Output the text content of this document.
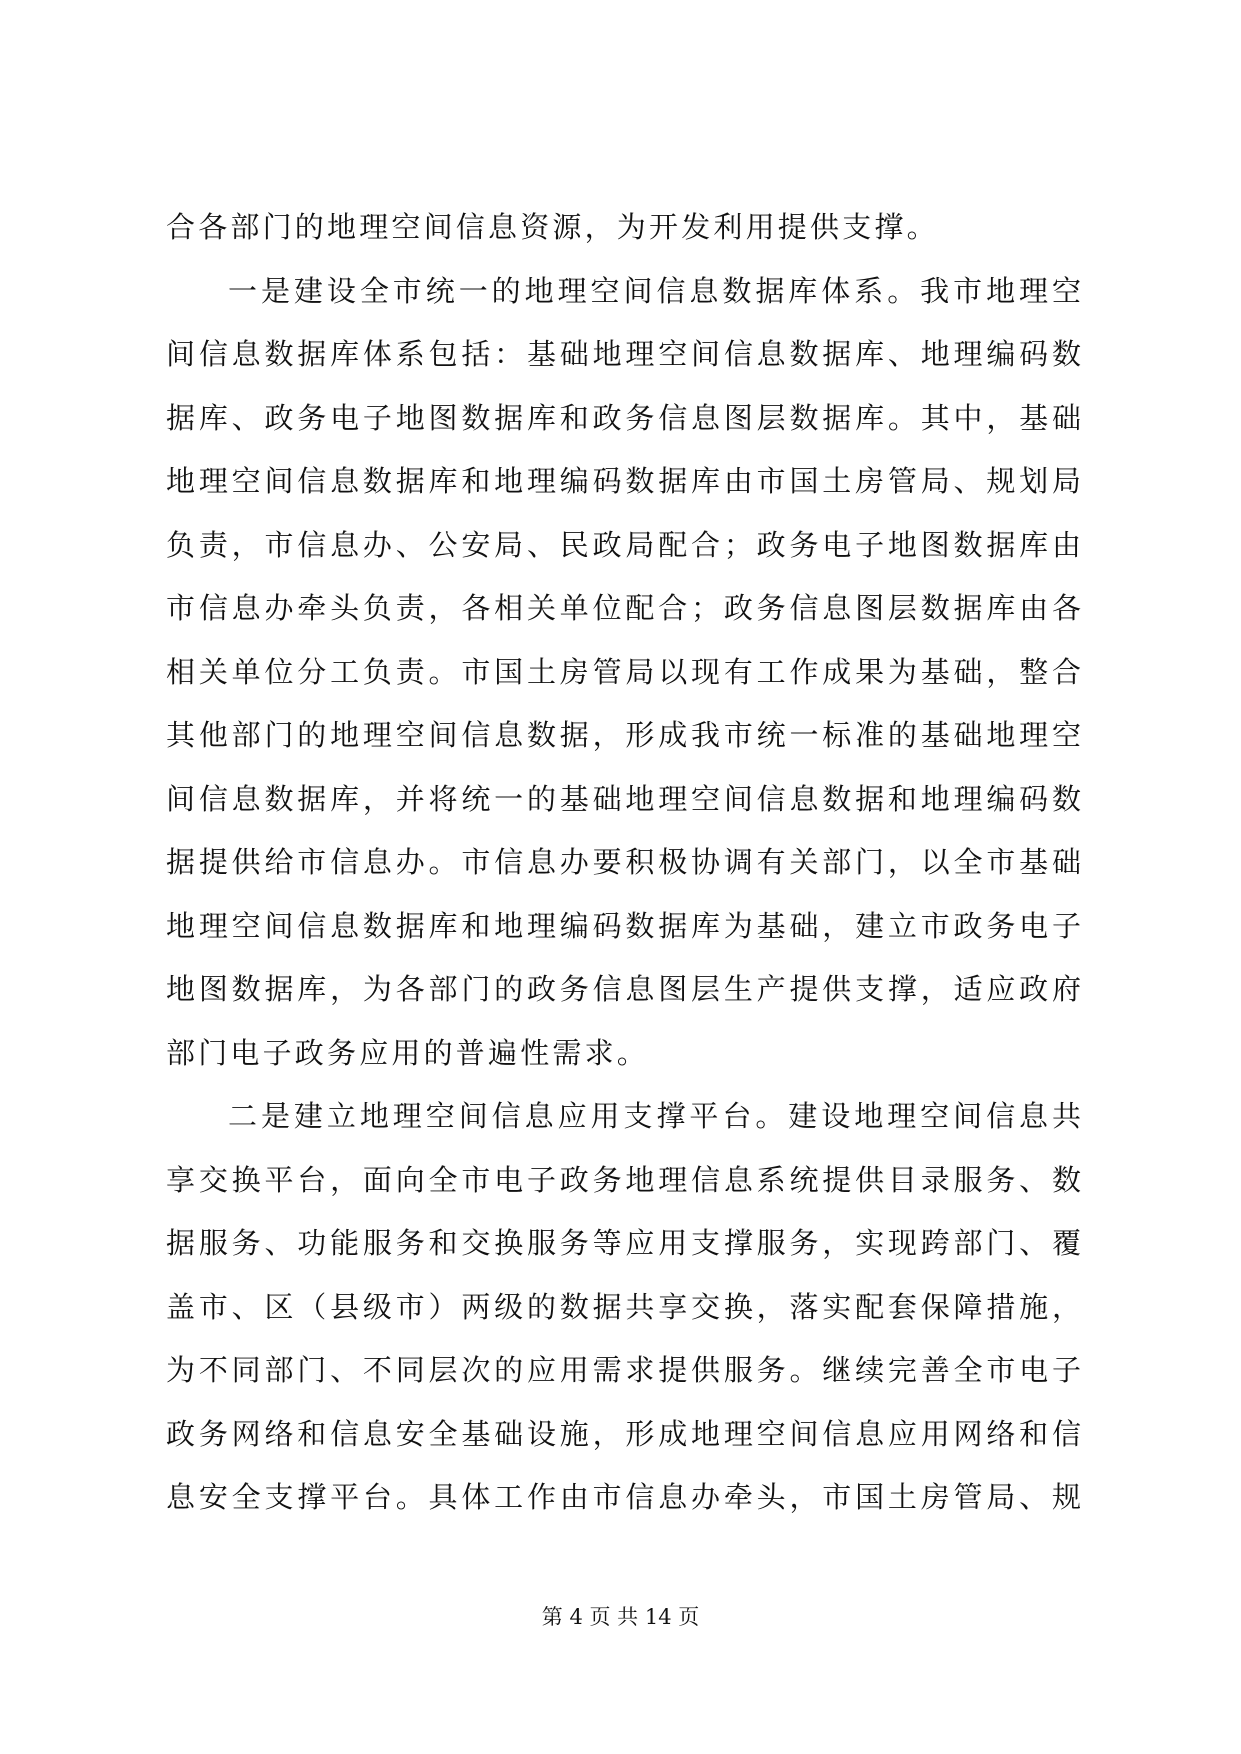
合各部门的地理空间信息资源，为开发利用提供支撑。
一是建设全市统一的地理空间信息数据库体系。我市地理空
间信息数据库体系包括：基础地理空间信息数据库、地理编码数
据库、政务电子地图数据库和政务信息图层数据库。其中，基础
地理空间信息数据库和地理编码数据库由市国土房管局、规划局
负责，市信息办、公安局、民政局配合；政务电子地图数据库由
市信息办牵头负责，各相关单位配合；政务信息图层数据库由各
相关单位分工负责。市国土房管局以现有工作成果为基础，整合
其他部门的地理空间信息数据，形成我市统一标准的基础地理空
间信息数据库，并将统一的基础地理空间信息数据和地理编码数
据提供给市信息办。市信息办要积极协调有关部门，以全市基础
地理空间信息数据库和地理编码数据库为基础，建立市政务电子
地图数据库，为各部门的政务信息图层生产提供支撑，适应政府
部门电子政务应用的普遍性需求。
二是建立地理空间信息应用支撑平台。建设地理空间信息共
享交换平台，面向全市电子政务地理信息系统提供目录服务、数
据服务、功能服务和交换服务等应用支撑服务，实现跨部门、覆
盖市、区（县级市）两级的数据共享交换，落实配套保障措施，
为不同部门、不同层次的应用需求提供服务。继续完善全市电子
政务网络和信息安全基础设施，形成地理空间信息应用网络和信
息安全支撑平台。具体工作由市信息办牵头，市国土房管局、规
第 4 页 共 14 页
